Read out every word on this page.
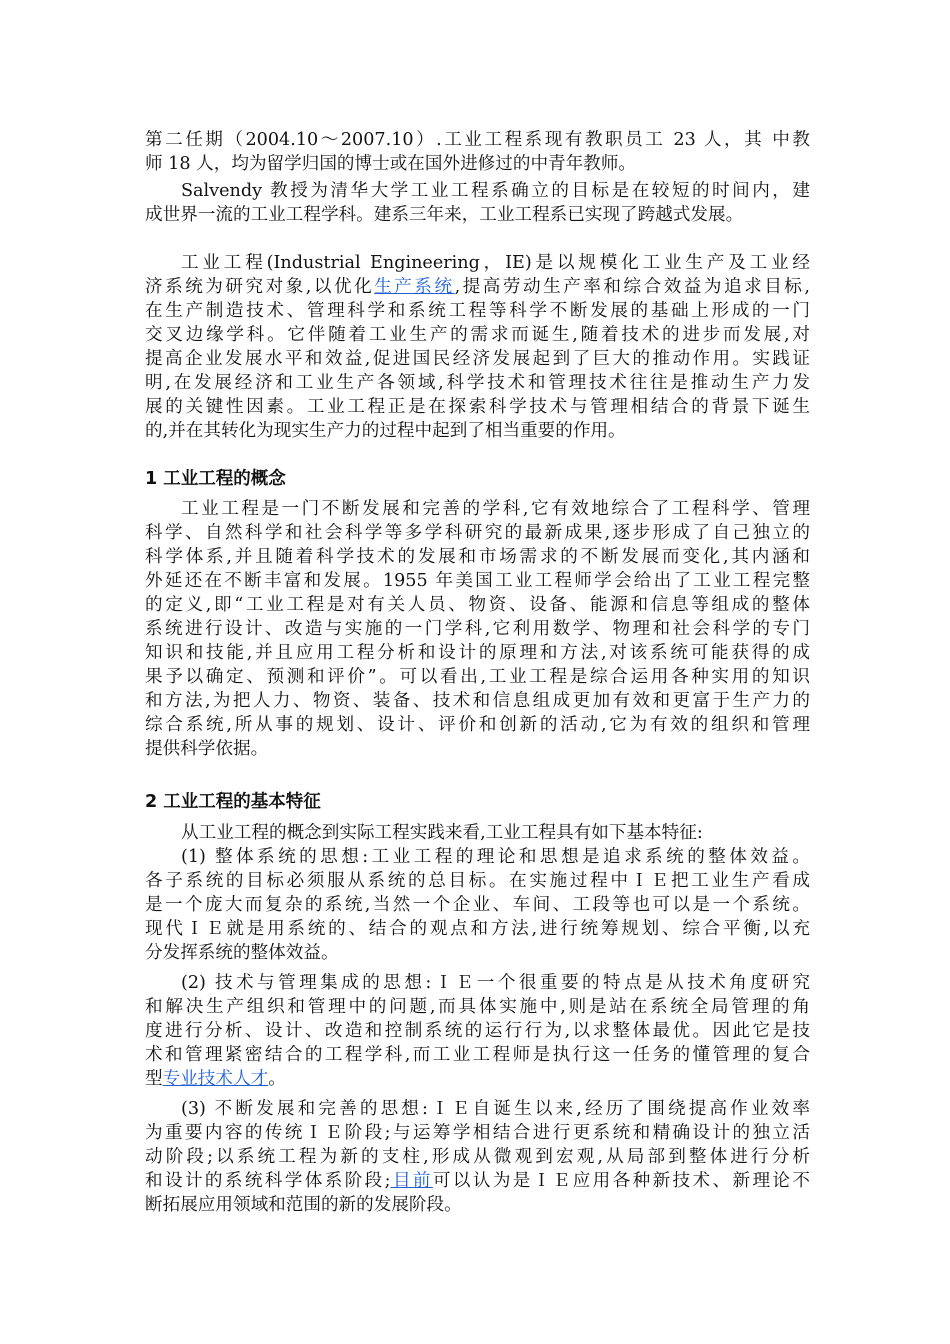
第二任期（2004.10～2007.10）.工业工程系现有教职员工 23 人，其 中教
师 18 人，均为留学归国的博士或在国外进修过的中青年教师。
Salvendy 教授为清华大学工业工程系确立的目标是在较短的时间内，建
成世界一流的工业工程学科。建系三年来，工业工程系已实现了跨越式发展。
工业工程(Industrial Engineering，IE)是以规模化工业生产及工业经
济系统为研究对象,以优化生产系统,提高劳动生产率和综合效益为追求目标,
在生产制造技术、管理科学和系统工程等科学不断发展的基础上形成的一门
交叉边缘学科。它伴随着工业生产的需求而诞生,随着技术的进步而发展,对
提高企业发展水平和效益,促进国民经济发展起到了巨大的推动作用。实践证
明,在发展经济和工业生产各领域,科学技术和管理技术往往是推动生产力发
展的关键性因素。工业工程正是在探索科学技术与管理相结合的背景下诞生
的,并在其转化为现实生产力的过程中起到了相当重要的作用。
1 工业工程的概念
工业工程是一门不断发展和完善的学科,它有效地综合了工程科学、管理
科学、自然科学和社会科学等多学科研究的最新成果,逐步形成了自己独立的
科学体系,并且随着科学技术的发展和市场需求的不断发展而变化,其内涵和
外延还在不断丰富和发展。1955 年美国工业工程师学会给出了工业工程完整
的定义,即“工业工程是对有关人员、物资、设备、能源和信息等组成的整体
系统进行设计、改造与实施的一门学科,它利用数学、物理和社会科学的专门
知识和技能,并且应用工程分析和设计的原理和方法,对该系统可能获得的成
果予以确定、预测和评价”。可以看出,工业工程是综合运用各种实用的知识
和方法,为把人力、物资、装备、技术和信息组成更加有效和更富于生产力的
综合系统,所从事的规划、设计、评价和创新的活动,它为有效的组织和管理
提供科学依据。
2 工业工程的基本特征
从工业工程的概念到实际工程实践来看,工业工程具有如下基本特征:
(1) 整体系统的思想:工业工程的理论和思想是追求系统的整体效益。
各子系统的目标必须服从系统的总目标。在实施过程中ＩＥ把工业生产看成
是一个庞大而复杂的系统,当然一个企业、车间、工段等也可以是一个系统。
现代ＩＥ就是用系统的、结合的观点和方法,进行统筹规划、综合平衡,以充
分发挥系统的整体效益。
(2) 技术与管理集成的思想:ＩＥ一个很重要的特点是从技术角度研究
和解决生产组织和管理中的问题,而具体实施中,则是站在系统全局管理的角
度进行分析、设计、改造和控制系统的运行行为,以求整体最优。因此它是技
术和管理紧密结合的工程学科,而工业工程师是执行这一任务的懂管理的复合
型专业技术人才。
(3) 不断发展和完善的思想:ＩＥ自诞生以来,经历了围绕提高作业效率
为重要内容的传统ＩＥ阶段;与运筹学相结合进行更系统和精确设计的独立活
动阶段;以系统工程为新的支柱,形成从微观到宏观,从局部到整体进行分析
和设计的系统科学体系阶段;目前可以认为是ＩＥ应用各种新技术、新理论不
断拓展应用领域和范围的新的发展阶段。
